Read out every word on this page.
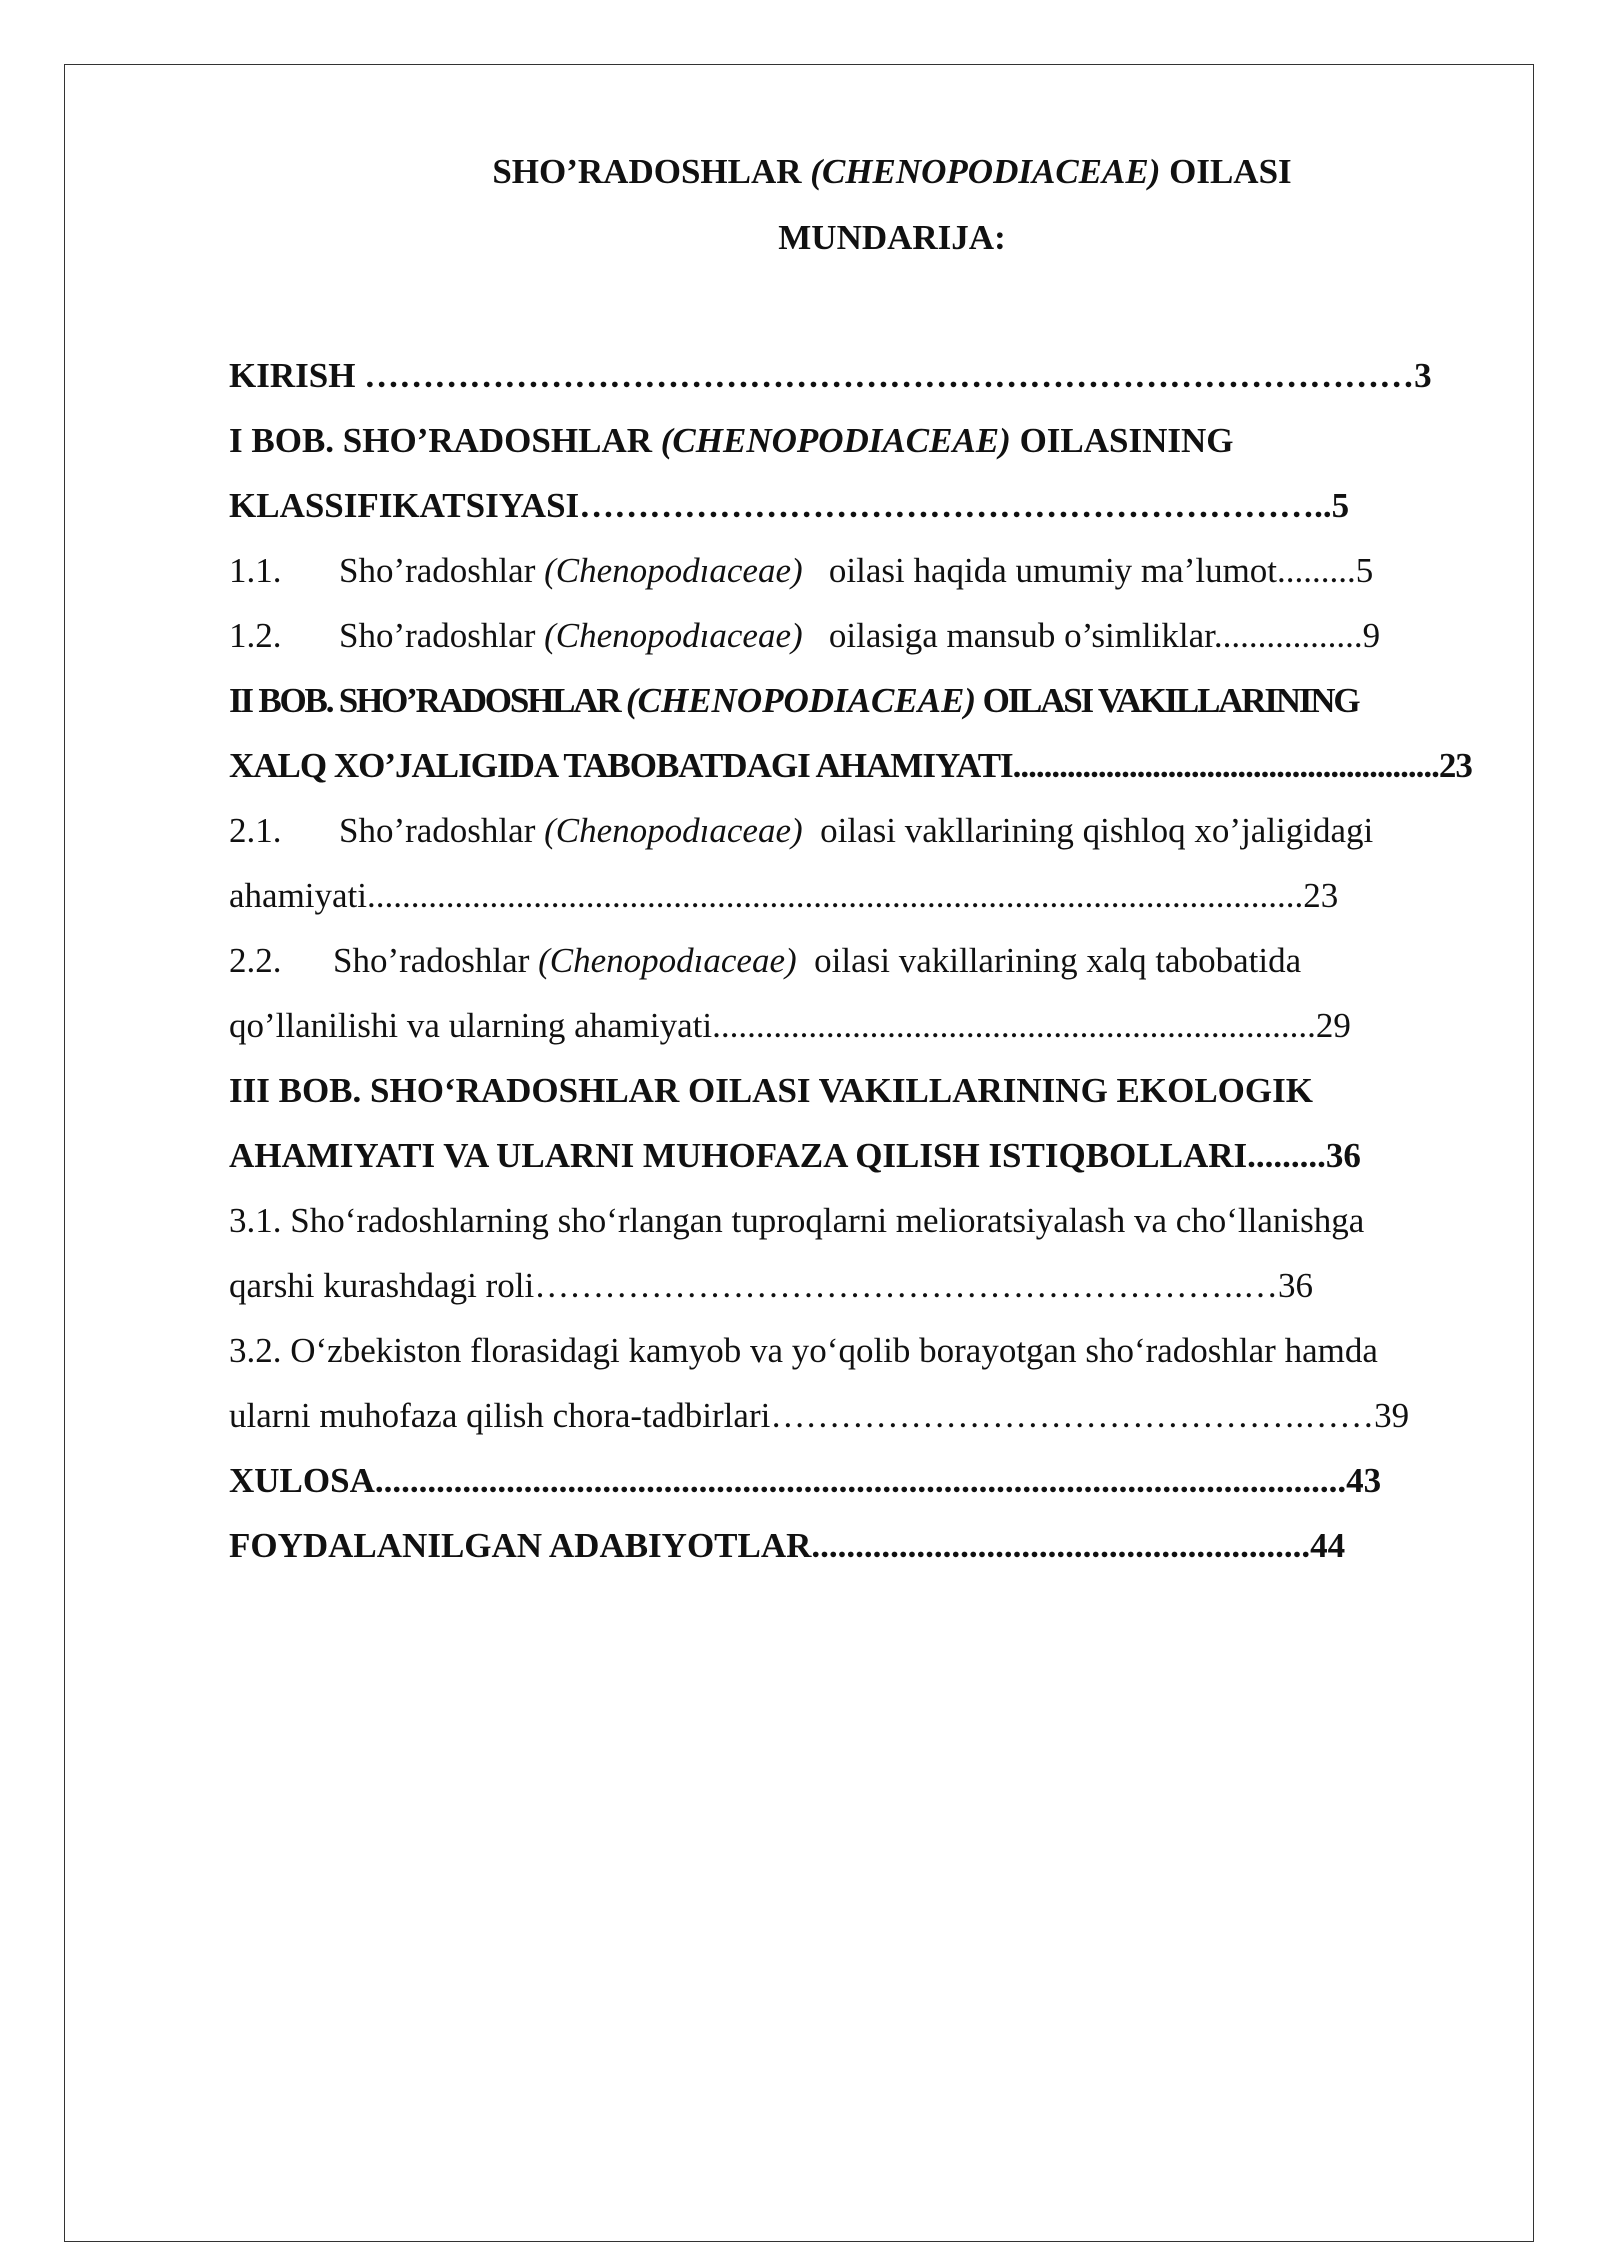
SHO’RADOSHLAR (CHENOPODIACEAE) OILASI
MUNDARIJA:
KIRISH ………………………………………………………………………………3
I BOB. SHO’RADOSHLAR (CHENOPODIACEAE) OILASINING
KLASSIFIKATSIYASI………………………………………………………..5
1.1. Sho’radoshlar (Chenopodıaceae)   oilasi haqida umumiy ma’lumot.........5
1.2. Sho’radoshlar (Chenopodıaceae)   oilasiga mansub o’simliklar.................9
II BOB. SHO’RADOSHLAR (CHENOPODIACEAE) OILASI VAKILLARINING
XALQ XO’JALIGIDA TABOBATDAGI AHAMIYATI.......................................................23
2.1. Sho’radoshlar (Chenopodıaceae)  oilasi vakllarining qishloq xo’jaligidagi
ahamiyati...........................................................................................................23
2.2. Sho’radoshlar (Chenopodıaceae)  oilasi vakillarining xalq tabobatida
qo’llanilishi va ularning ahamiyati.....................................................................29
III BOB. SHO‘RADOSHLAR OILASI VAKILLARINING EKOLOGIK
AHAMIYATI VA ULARNI MUHOFAZA QILISH ISTIQBOLLARI.........36
3.1. Sho‘radoshlarning sho‘rlangan tuproqlarni melioratsiyalash va cho‘llanishga
qarshi kurashdagi roli…………………………………………………….…36
3.2. O‘zbekiston florasidagi kamyob va yo‘qolib borayotgan sho‘radoshlar hamda
ularni muhofaza qilish chora-tadbirlari……………………………………….……39
XULOSA...............................................................................................................43
FOYDALANILGAN ADABIYOTLAR.........................................................44
